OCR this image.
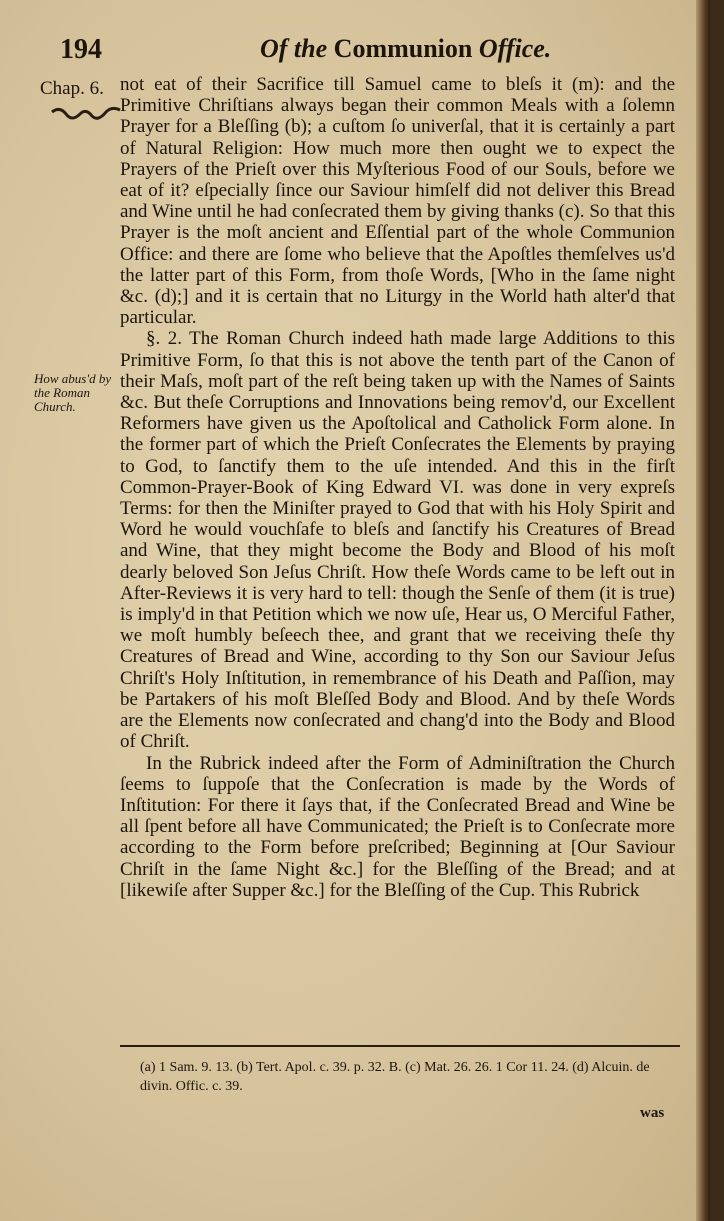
194	Of the Communion Office.
Chap. 6.
How abus'd by the Roman Church.

not eat of their Sacrifice till Samuel came to bleſs it (m): and the Primitive Chriſtians always began their common Meals with a ſolemn Prayer for a Bleſſing (b); a cuſtom ſo univerſal, that it is certainly a part of Natural Religion: How much more then ought we to expect the Prayers of the Prieſt over this Myſterious Food of our Souls, before we eat of it? eſpecially ſince our Saviour himſelf did not deliver this Bread and Wine until he had conſecrated them by giving thanks (c). So that this Prayer is the moſt ancient and Eſſential part of the whole Communion Office: and there are ſome who believe that the Apoſtles themſelves us'd the latter part of this Form, from thoſe Words, [Who in the ſame night &c. (d);] and it is certain that no Liturgy in the World hath alter'd that particular.

§. 2. The Roman Church indeed hath made large Additions to this Primitive Form, ſo that this is not above the tenth part of the Canon of their Maſs, moſt part of the reſt being taken up with the Names of Saints &c. But theſe Corruptions and Innovations being remov'd, our Excellent Reformers have given us the Apoſtolical and Catholick Form alone. In the former part of which the Prieſt Conſecrates the Elements by praying to God, to ſanctify them to the uſe intended. And this in the firſt Common-Prayer-Book of King Edward VI. was done in very expreſs Terms: for then the Miniſter prayed to God that with his Holy Spirit and Word he would vouchſafe to bleſs and ſanctify his Creatures of Bread and Wine, that they might become the Body and Blood of his moſt dearly beloved Son Jeſus Chriſt. How theſe Words came to be left out in After-Reviews it is very hard to tell: though the Senſe of them (it is true) is imply'd in that Petition which we now uſe, Hear us, O Merciful Father, we moſt humbly beſeech thee, and grant that we receiving theſe thy Creatures of Bread and Wine, according to thy Son our Saviour Jeſus Chriſt's Holy Inſtitution, in remembrance of his Death and Paſſion, may be Partakers of his moſt Bleſſed Body and Blood. And by theſe Words are the Elements now conſecrated and chang'd into the Body and Blood of Chriſt.

In the Rubrick indeed after the Form of Adminiſtration the Church ſeems to ſuppoſe that the Conſecration is made by the Words of Inſtitution: For there it ſays that, if the Conſecrated Bread and Wine be all ſpent before all have Communicated; the Prieſt is to Conſecrate more according to the Form before preſcribed; Beginning at [Our Saviour Chriſt in the ſame Night &c.] for the Bleſſing of the Bread; and at [likewiſe after Supper &c.] for the Bleſſing of the Cup. This Rubrick

(a) 1 Sam. 9. 13. (b) Tert. Apol. c. 39. p. 32. B. (c) Mat. 26. 26. 1 Cor 11. 24. (d) Alcuin. de divin. Offic. c. 39.
was
